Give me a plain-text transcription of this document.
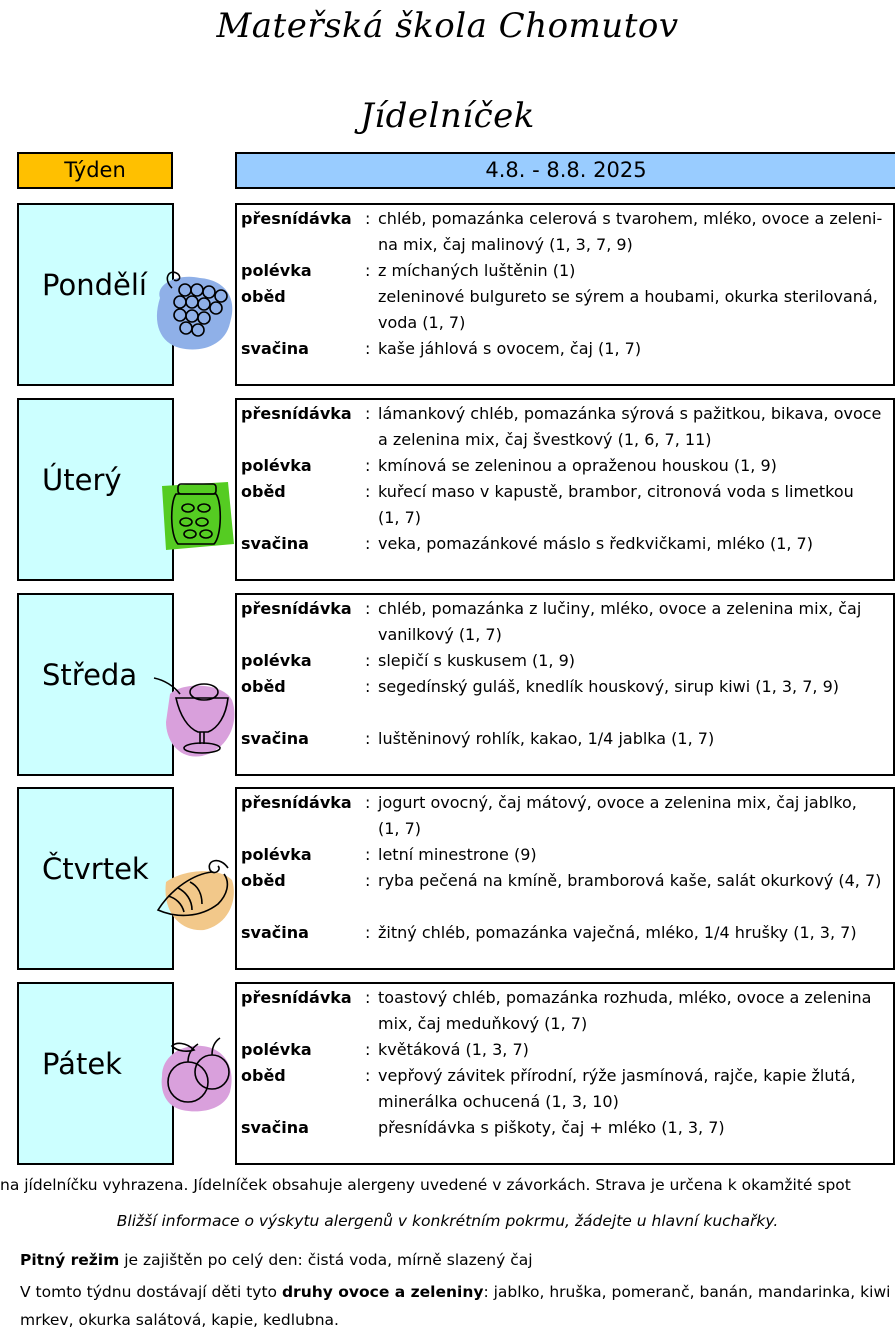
Mateřská škola Chomutov
Jídelníček
Týden	4.8. - 8.8. 2025
Pondělí
přesnídávka : chléb, pomazánka celerová s tvarohem, mléko, ovoce a zeleni-
na mix, čaj malinový (1, 3, 7, 9)
polévka	: z míchaných luštěnin (1)
oběd	zeleninové bulgureto se sýrem a houbami, okurka sterilovaná,
voda (1, 7)
svačina	: kaše jáhlová s ovocem, čaj (1, 7)
Úterý
přesnídávka : lámankový chléb, pomazánka sýrová s pažitkou, bikava, ovoce
a zelenina mix, čaj švestkový (1, 6, 7, 11)
polévka	: kmínová se zeleninou a opraženou houskou (1, 9)
oběd	: kuřecí maso v kapustě, brambor, citronová voda s limetkou
(1, 7)
svačina	: veka, pomazánkové máslo s ředkvičkami, mléko (1, 7)
Středa
přesnídávka : chléb, pomazánka z lučiny, mléko, ovoce a zelenina mix, čaj
vanilkový (1, 7)
polévka	: slepičí s kuskusem (1, 9)
oběd	: segedínský guláš, knedlík houskový, sirup kiwi (1, 3, 7, 9)
svačina	: luštěninový rohlík, kakao, 1/4 jablka (1, 7)
Čtvrtek
přesnídávka : jogurt ovocný, čaj mátový, ovoce a zelenina mix, čaj jablko,
(1, 7)
polévka	: letní minestrone (9)
oběd	: ryba pečená na kmíně, bramborová kaše, salát okurkový (4, 7)
svačina	: žitný chléb, pomazánka vaječná, mléko, 1/4 hrušky (1, 3, 7)
Pátek
přesnídávka : toastový chléb, pomazánka rozhuda, mléko, ovoce a zelenina
mix, čaj meduňkový (1, 7)
polévka	: květáková (1, 3, 7)
oběd	: vepřový závitek přírodní, rýže jasmínová, rajče, kapie žlutá,
minerálka ochucená (1, 3, 10)
svačina	přesnídávka s piškoty, čaj + mléko (1, 3, 7)
na jídelníčku vyhrazena. Jídelníček obsahuje alergeny uvedené v závorkách. Strava je určena k okamžité spot
Bližší informace o výskytu alergenů v konkrétním pokrmu, žádejte u hlavní kuchařky.
Pitný režim je zajištěn po celý den: čistá voda, mírně slazený čaj
V tomto týdnu dostávají děti tyto druhy ovoce a zeleniny: jablko, hruška, pomeranč, banán, mandarinka, kiwi mrkev, okurka salátová, kapie, kedlubna.
